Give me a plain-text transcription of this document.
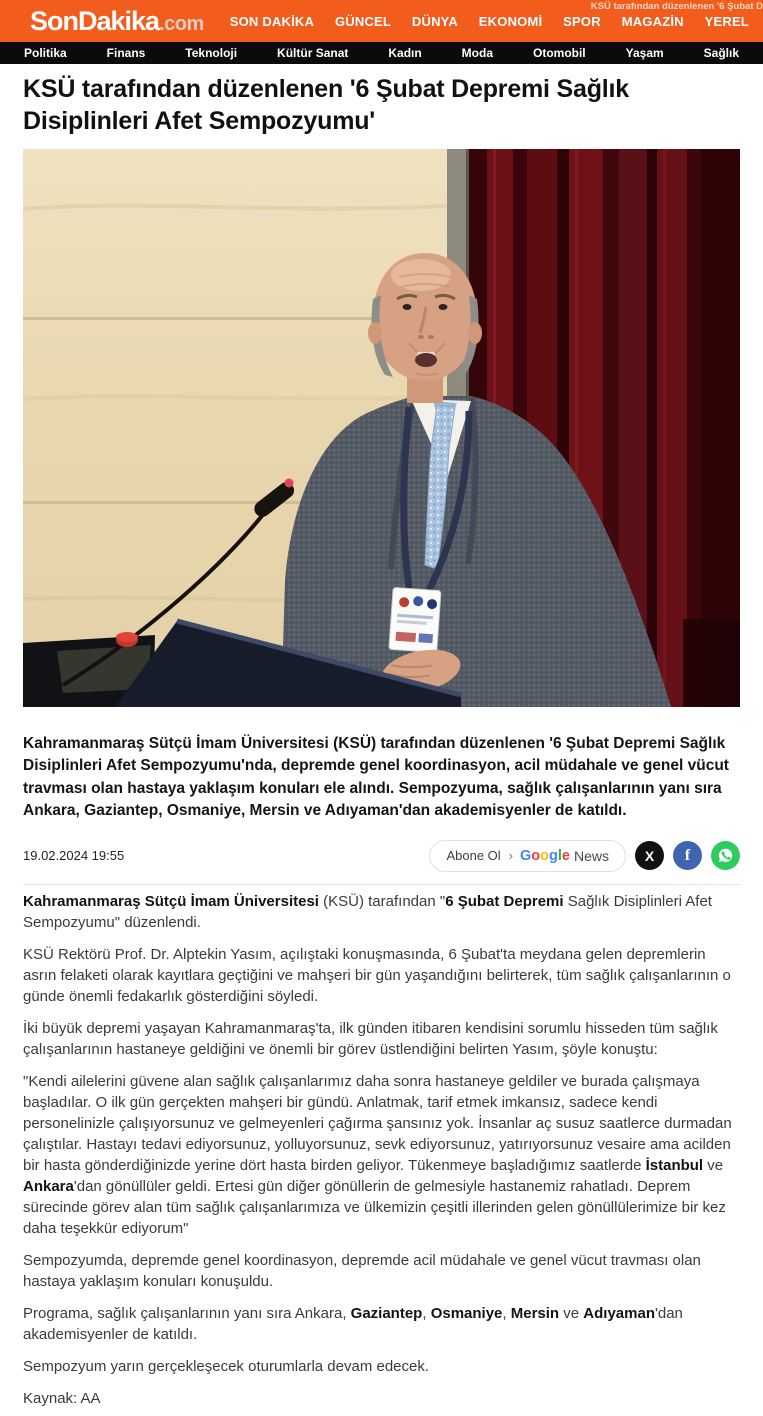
KSÜ tarafından düzenlenen '6 Şubat D
SonDakika .com SON DAKİKA GÜNCEL DÜNYA EKONOMİ SPOR MAGAZİN YEREL
Politika	Finans	Teknoloji	Kültür Sanat	Kadın	Moda	Otomobil	Yaşam	Sağlık
KSÜ tarafından düzenlenen '6 Şubat Depremi Sağlık Disiplinleri Afet Sempozyumu'

Kahramanmaraş Sütçü İmam Üniversitesi (KSÜ) tarafından düzenlenen '6 Şubat Depremi Sağlık Disiplinleri Afet Sempozyumu'nda, depremde genel koordinasyon, acil müdahale ve genel vücut travması olan hastaya yaklaşım konuları ele alındı. Sempozyuma, sağlık çalışanlarının yanı sıra Ankara, Gaziantep, Osmaniye, Mersin ve Adıyaman'dan akademisyenler de katıldı.

19.02.2024 19:55	Abone Ol › Google News	X f

Kahramanmaraş Sütçü İmam Üniversitesi (KSÜ) tarafından "6 Şubat Depremi Sağlık Disiplinleri Afet Sempozyumu" düzenlendi.

KSÜ Rektörü Prof. Dr. Alptekin Yasım, açılıştaki konuşmasında, 6 Şubat'ta meydana gelen depremlerin asrın felaketi olarak kayıtlara geçtiğini ve mahşeri bir gün yaşandığını belirterek, tüm sağlık çalışanlarının o günde önemli fedakarlık gösterdiğini söyledi.

İki büyük depremi yaşayan Kahramanmaraş'ta, ilk günden itibaren kendisini sorumlu hisseden tüm sağlık çalışanlarının hastaneye geldiğini ve önemli bir görev üstlendiğini belirten Yasım, şöyle konuştu:

"Kendi ailelerini güvene alan sağlık çalışanlarımız daha sonra hastaneye geldiler ve burada çalışmaya başladılar. O ilk gün gerçekten mahşeri bir gündü. Anlatmak, tarif etmek imkansız, sadece kendi personelinizle çalışıyorsunuz ve gelmeyenleri çağırma şansınız yok. İnsanlar aç susuz saatlerce durmadan çalıştılar. Hastayı tedavi ediyorsunuz, yolluyorsunuz, sevk ediyorsunuz, yatırıyorsunuz vesaire ama acilden bir hasta gönderdiğinizde yerine dört hasta birden geliyor. Tükenmeye başladığımız saatlerde İstanbul ve Ankara'dan gönüllüler geldi. Ertesi gün diğer gönüllerin de gelmesiyle hastanemiz rahatladı. Deprem sürecinde görev alan tüm sağlık çalışanlarımıza ve ülkemizin çeşitli illerinden gelen gönüllülerimize bir kez daha teşekkür ediyorum"

Sempozyumda, depremde genel koordinasyon, depremde acil müdahale ve genel vücut travması olan hastaya yaklaşım konuları konuşuldu.

Programa, sağlık çalışanlarının yanı sıra Ankara, Gaziantep, Osmaniye, Mersin ve Adıyaman'dan akademisyenler de katıldı.

Sempozyum yarın gerçekleşecek oturumlarla devam edecek.

Kaynak: AA
